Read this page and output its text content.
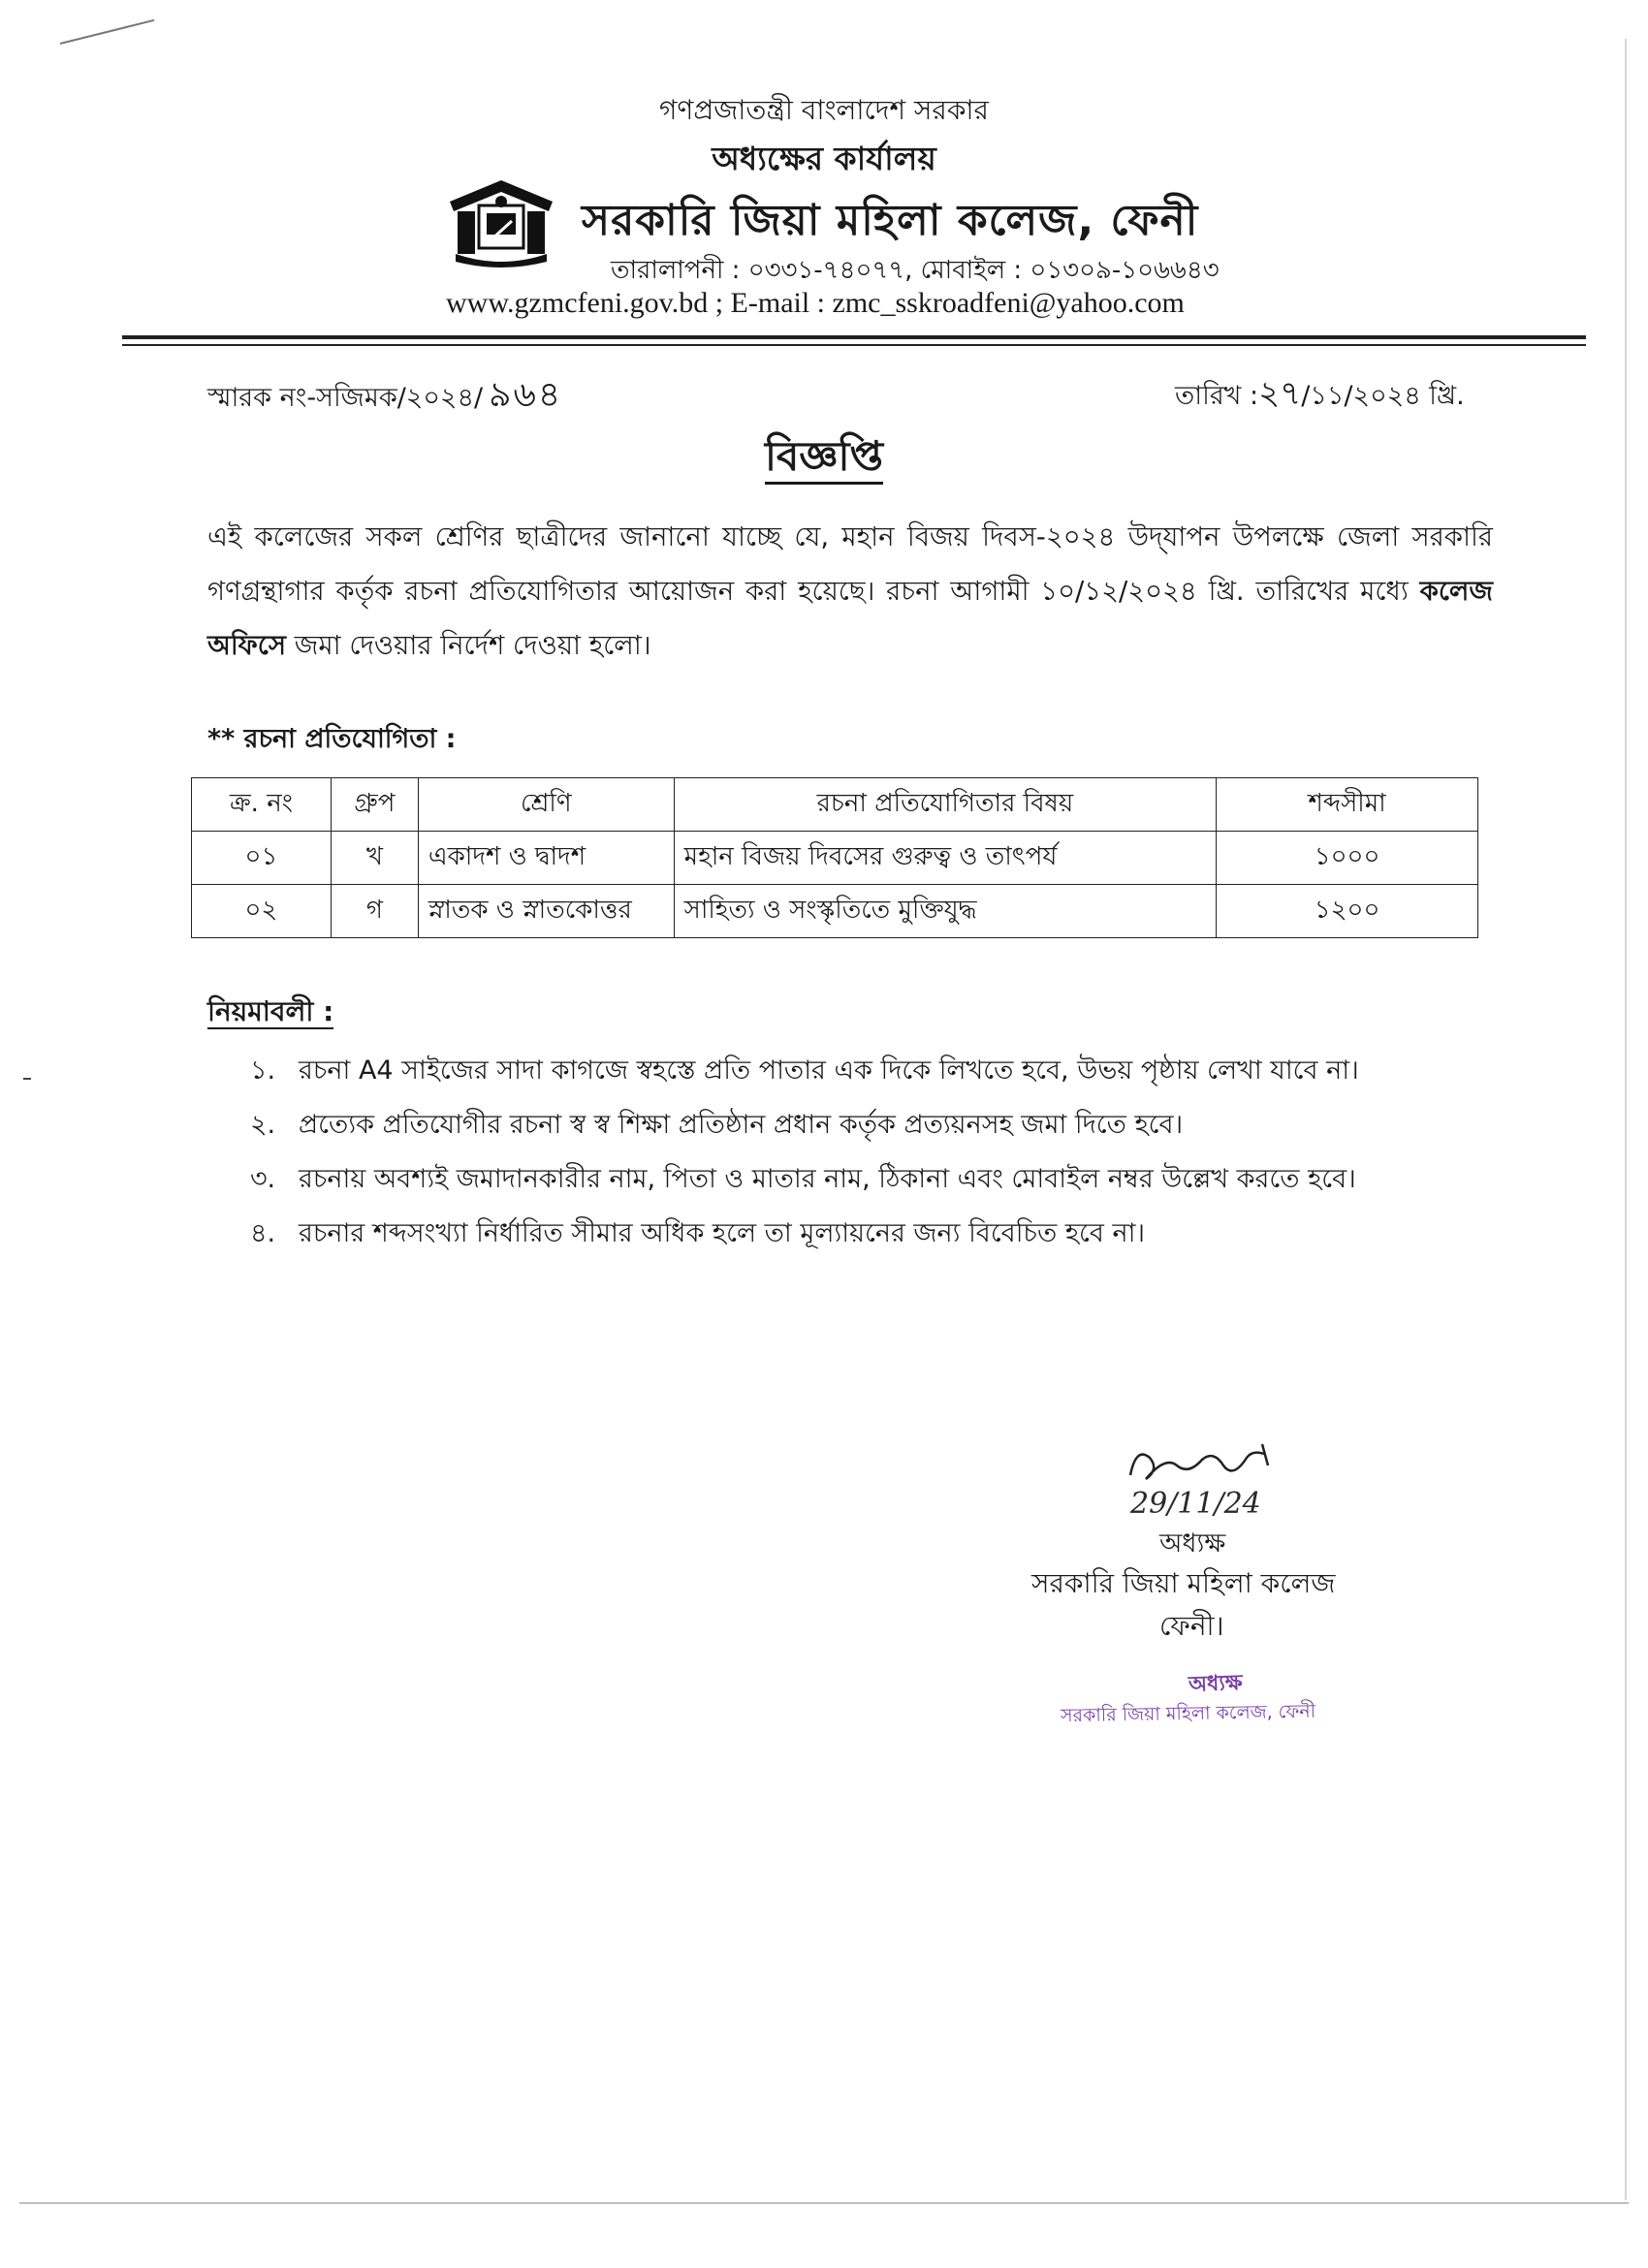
গণপ্রজাতন্ত্রী বাংলাদেশ সরকার
অধ্যক্ষের কার্যালয়
সরকারি জিয়া মহিলা কলেজ, ফেনী
তারালাপনী : ০৩৩১-৭৪০৭৭, মোবাইল : ০১৩০৯-১০৬৬৪৩
www.gzmcfeni.gov.bd ; E-mail : zmc_sskroadfeni@yahoo.com
স্মারক নং-সজিমক/২০২৪/ ৯৬৪	তারিখ :২৭/১১/২০২৪ খ্রি.
বিজ্ঞপ্তি
এই কলেজের সকল শ্রেণির ছাত্রীদের জানানো যাচ্ছে যে, মহান বিজয় দিবস-২০২৪ উদ্‌যাপন উপলক্ষে জেলা সরকারি গণগ্রন্থাগার কর্তৃক রচনা প্রতিযোগিতার আয়োজন করা হয়েছে। রচনা আগামী ১০/১২/২০২৪ খ্রি. তারিখের মধ্যে কলেজ অফিসে জমা দেওয়ার নির্দেশ দেওয়া হলো।
** রচনা প্রতিযোগিতা :
ক্র. নং	গ্রুপ	শ্রেণি	রচনা প্রতিযোগিতার বিষয়	শব্দসীমা
০১	খ	একাদশ ও দ্বাদশ	মহান বিজয় দিবসের গুরুত্ব ও তাৎপর্য	১০০০
০২	গ	স্নাতক ও স্নাতকোত্তর	সাহিত্য ও সংস্কৃতিতে মুক্তিযুদ্ধ	১২০০
নিয়মাবলী :
১. রচনা A4 সাইজের সাদা কাগজে স্বহস্তে প্রতি পাতার এক দিকে লিখতে হবে, উভয় পৃষ্ঠায় লেখা যাবে না।
২. প্রত্যেক প্রতিযোগীর রচনা স্ব স্ব শিক্ষা প্রতিষ্ঠান প্রধান কর্তৃক প্রত্যয়নসহ জমা দিতে হবে।
৩. রচনায় অবশ্যই জমাদানকারীর নাম, পিতা ও মাতার নাম, ঠিকানা এবং মোবাইল নম্বর উল্লেখ করতে হবে।
৪. রচনার শব্দসংখ্যা নির্ধারিত সীমার অধিক হলে তা মূল্যায়নের জন্য বিবেচিত হবে না।
29/11/24
অধ্যক্ষ
সরকারি জিয়া মহিলা কলেজ
ফেনী।
অধ্যক্ষ
সরকারি জিয়া মহিলা কলেজ, ফেনী
